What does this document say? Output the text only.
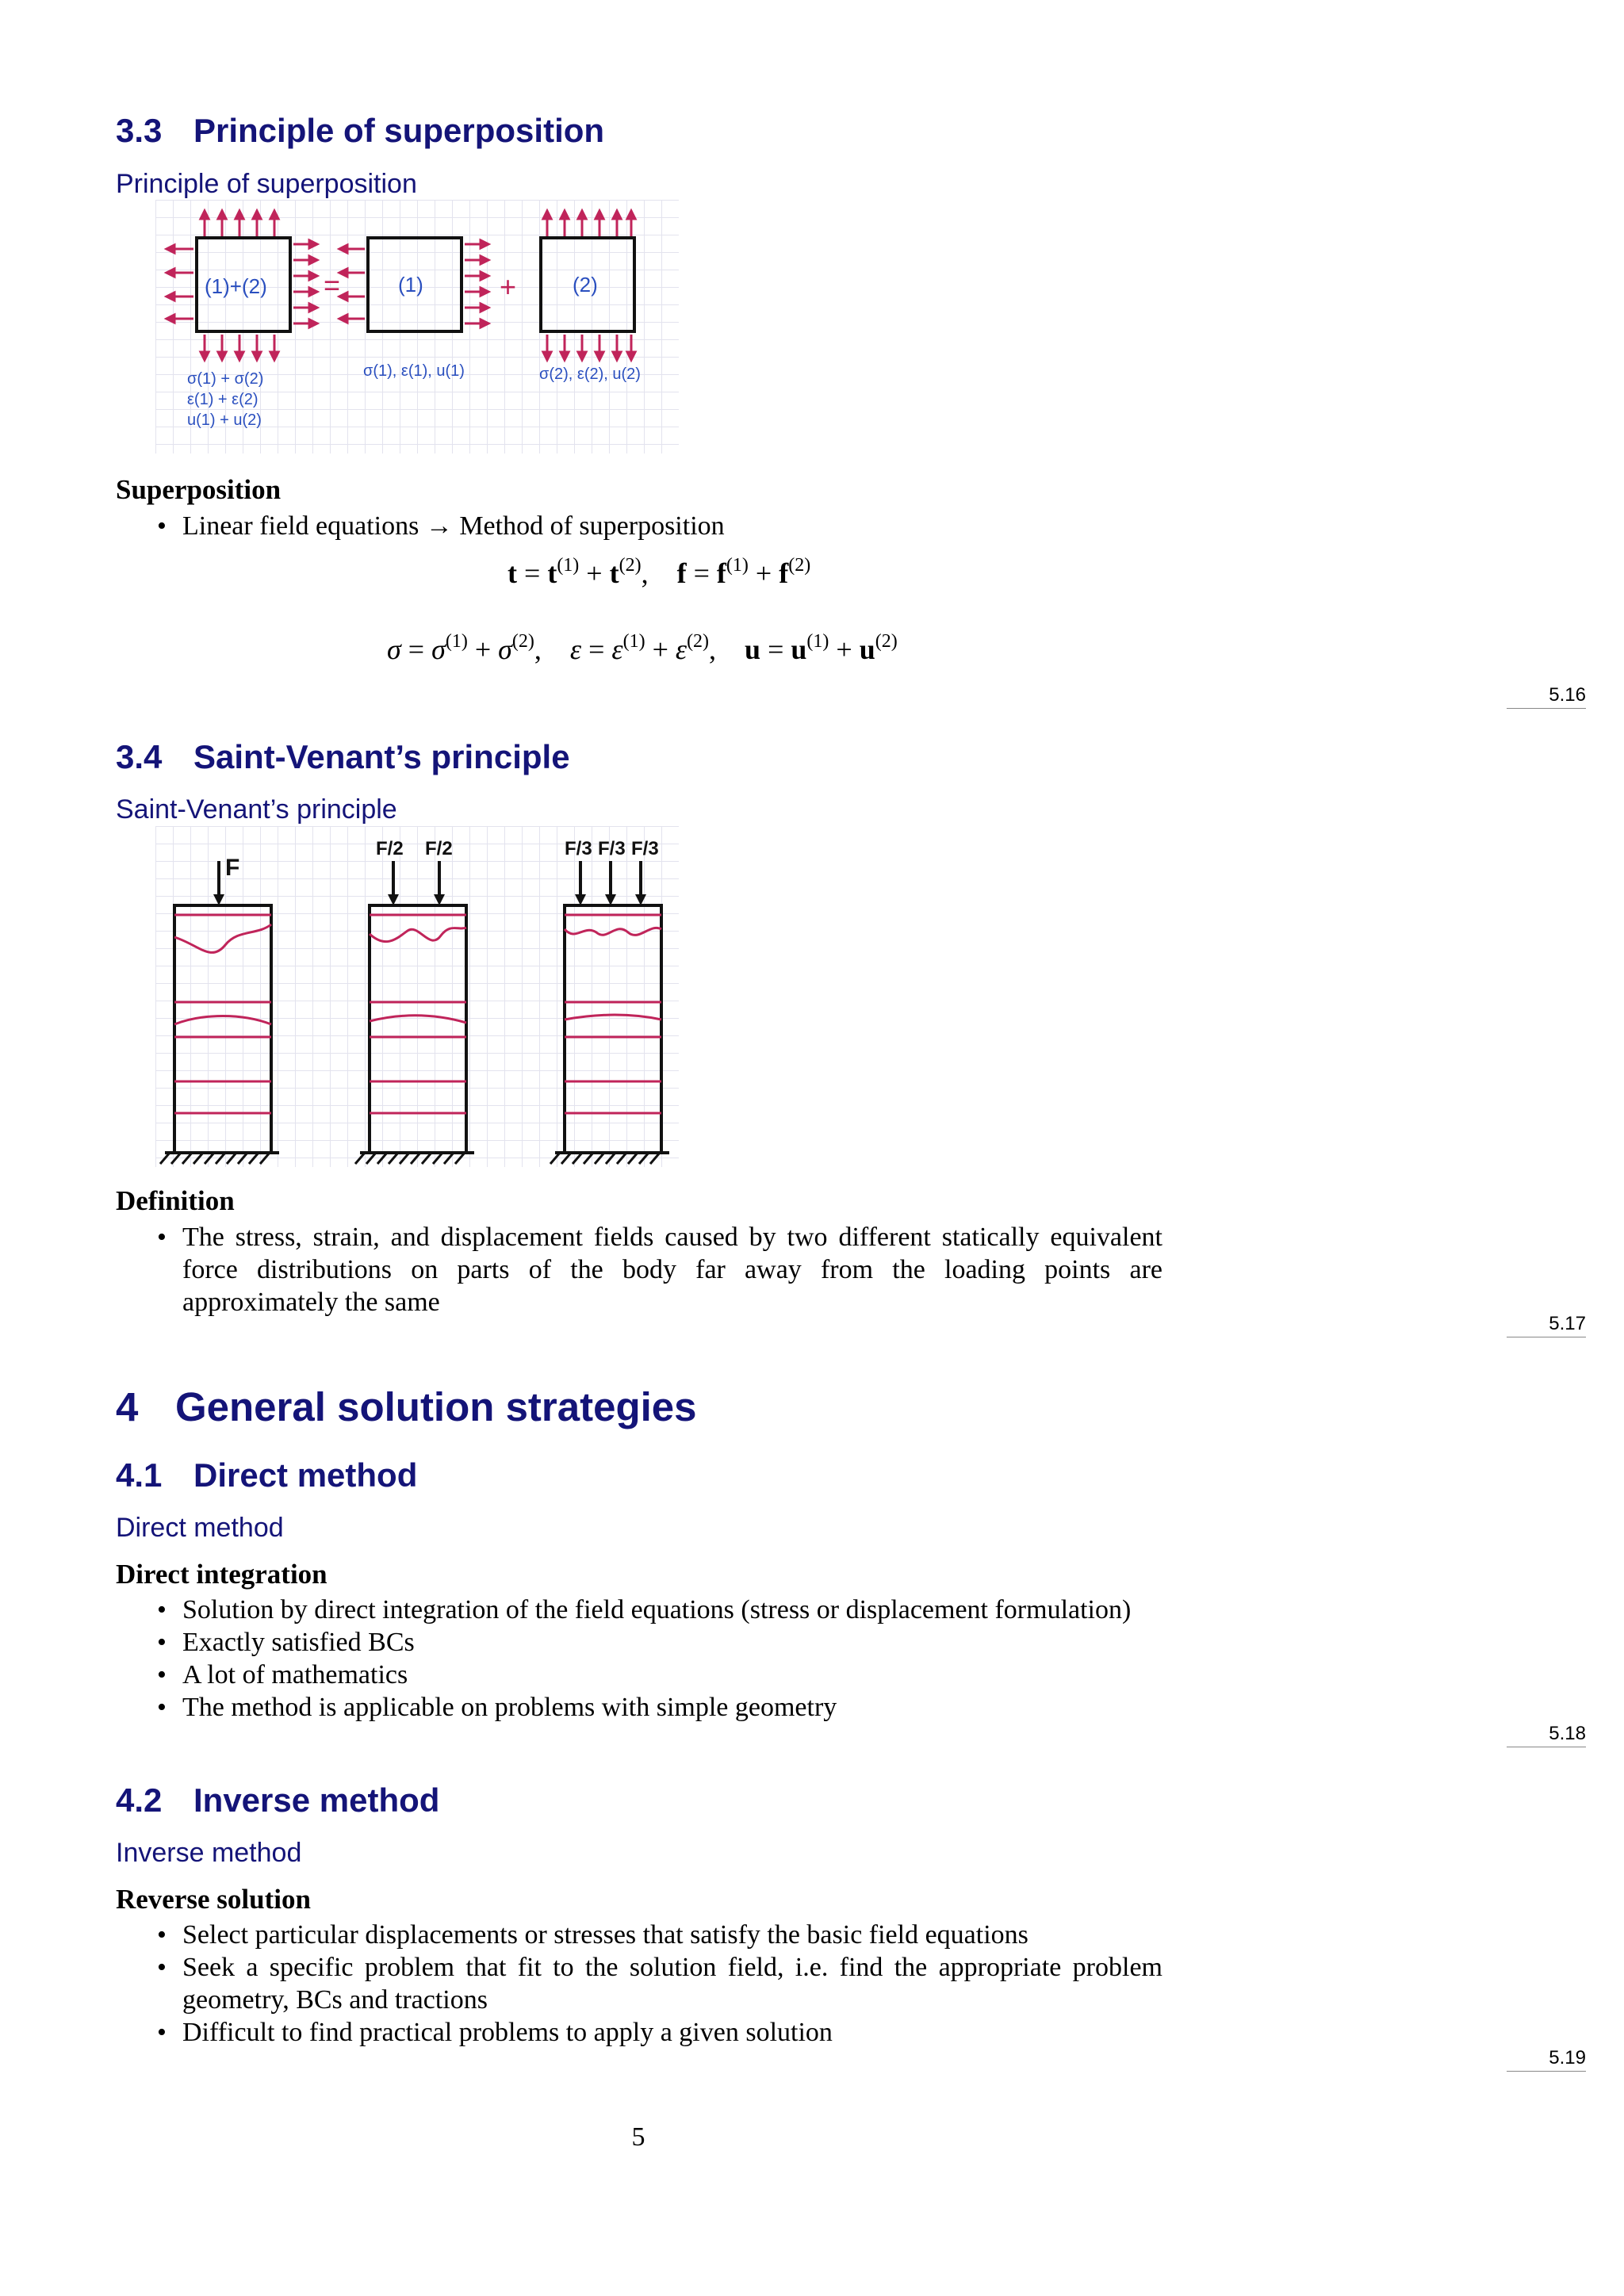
3.3 Principle of superposition
Principle of superposition
=	+
(1)+(2)	(1)	(2)
σ(1) + σ(2)
ε(1) + ε(2)
u(1) + u(2)
σ(1), ε(1), u(1)	σ(2), ε(2), u(2)
Superposition
• Linear field equations → Method of superposition
$t = t^{(1)} + t^{(2)}$,    $f = f^{(1)} + f^{(2)}$
$\sigma = \sigma^{(1)} + \sigma^{(2)}$,    $\varepsilon = \varepsilon^{(1)} + \varepsilon^{(2)}$,    $u = u^{(1)} + u^{(2)}$
5.16
3.4 Saint-Venant’s principle
Saint-Venant’s principle
F
F/2 F/2	F/3 F/3 F/3
Definition
• The stress, strain, and displacement fields caused by two different statically equivalent force distributions on parts of the body far away from the loading points are approximately the same
5.17
4 General solution strategies
4.1 Direct method
Direct method
Direct integration
• Solution by direct integration of the field equations (stress or displacement formulation)
• Exactly satisfied BCs
• A lot of mathematics
• The method is applicable on problems with simple geometry
5.18
4.2 Inverse method
Inverse method
Reverse solution
• Select particular displacements or stresses that satisfy the basic field equations
• Seek a specific problem that fit to the solution field, i.e. find the appropriate problem geometry, BCs and tractions
• Difficult to find practical problems to apply a given solution
5.19
5
